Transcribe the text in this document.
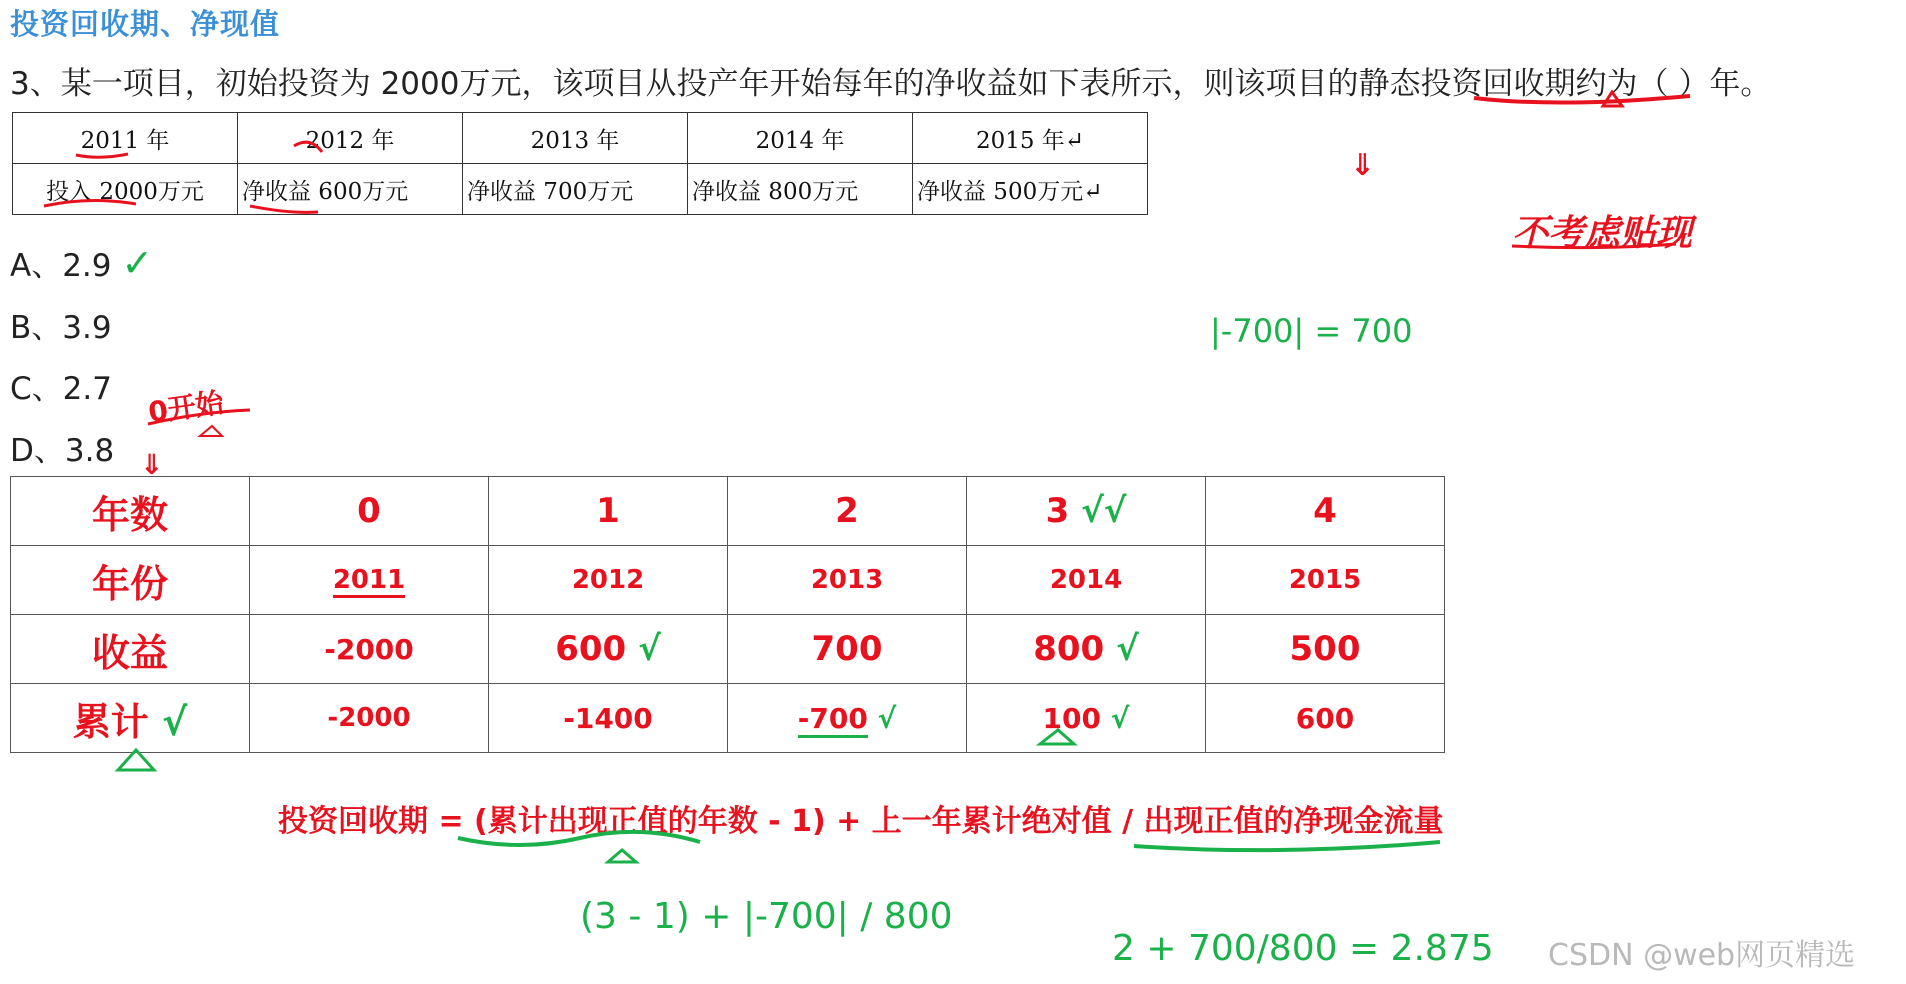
投资回收期、净现值
3、某一项目，初始投资为 2000万元，该项目从投产年开始每年的净收益如下表所示，则该项目的静态投资回收期约为（ ）年。
2011 年	2012 年	2013 年	2014 年	2015 年↵
投入 2000万元	净收益 600万元	净收益 700万元	净收益 800万元	净收益 500万元↵
A、2.9 ✓
B、3.9
C、2.7
D、3.8
年数	0	1	2	3 √√	4
年份	2011	2012	2013	2014	2015
收益	-2000	600 √	700	800 √	500
累计 √	-2000	-1400	-700 √	100 √	600
⇓
不考虑贴现
|-700| = 700
0开始
⇓
投资回收期 = (累计出现正值的年数 - 1) + 上一年累计绝对值 / 出现正值的净现金流量
(3 - 1) + |-700| / 800
2 + 700/800 = 2.875 CSDN @web网页精选
